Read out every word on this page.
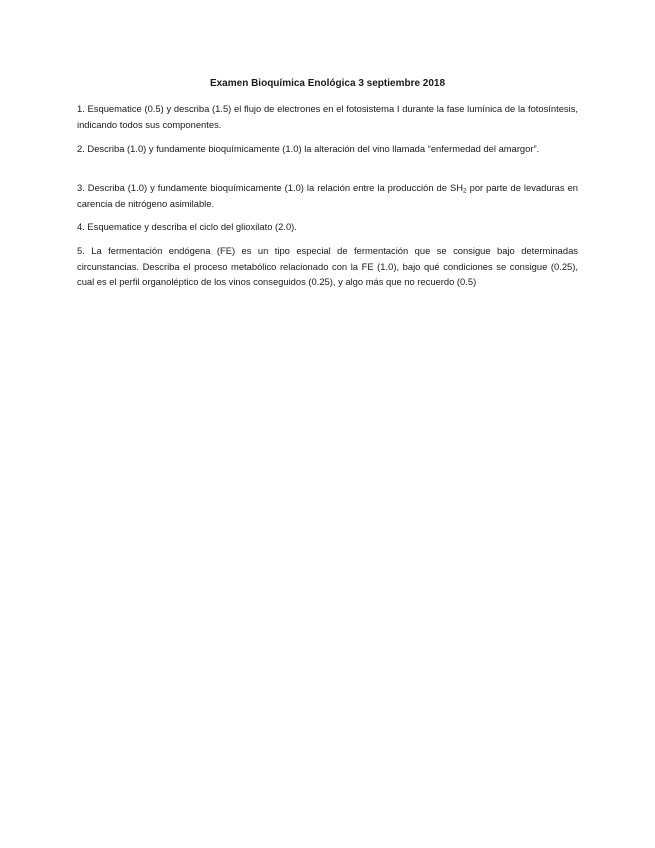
Examen Bioquímica Enológica 3 septiembre 2018

1. Esquematice (0.5) y describa (1.5) el flujo de electrones en el fotosistema I durante la fase lumínica de la fotosíntesis, indicando todos sus componentes.

2. Describa (1.0) y fundamente bioquímicamente (1.0) la alteración del vino llamada “enfermedad del amargor”.

3. Describa (1.0) y fundamente bioquímicamente (1.0) la relación entre la producción de $SH_2$ por parte de levaduras en carencia de nitrógeno asimilable.

4. Esquematice y describa el ciclo del glioxilato (2.0).

5. La fermentación endógena (FE) es un tipo especial de fermentación que se consigue bajo determinadas circunstancias. Describa el proceso metabólico relacionado con la FE (1.0), bajo qué condiciones se consigue (0.25), cual es el perfil organoléptico de los vinos conseguidos (0.25), y algo más que no recuerdo (0.5)
